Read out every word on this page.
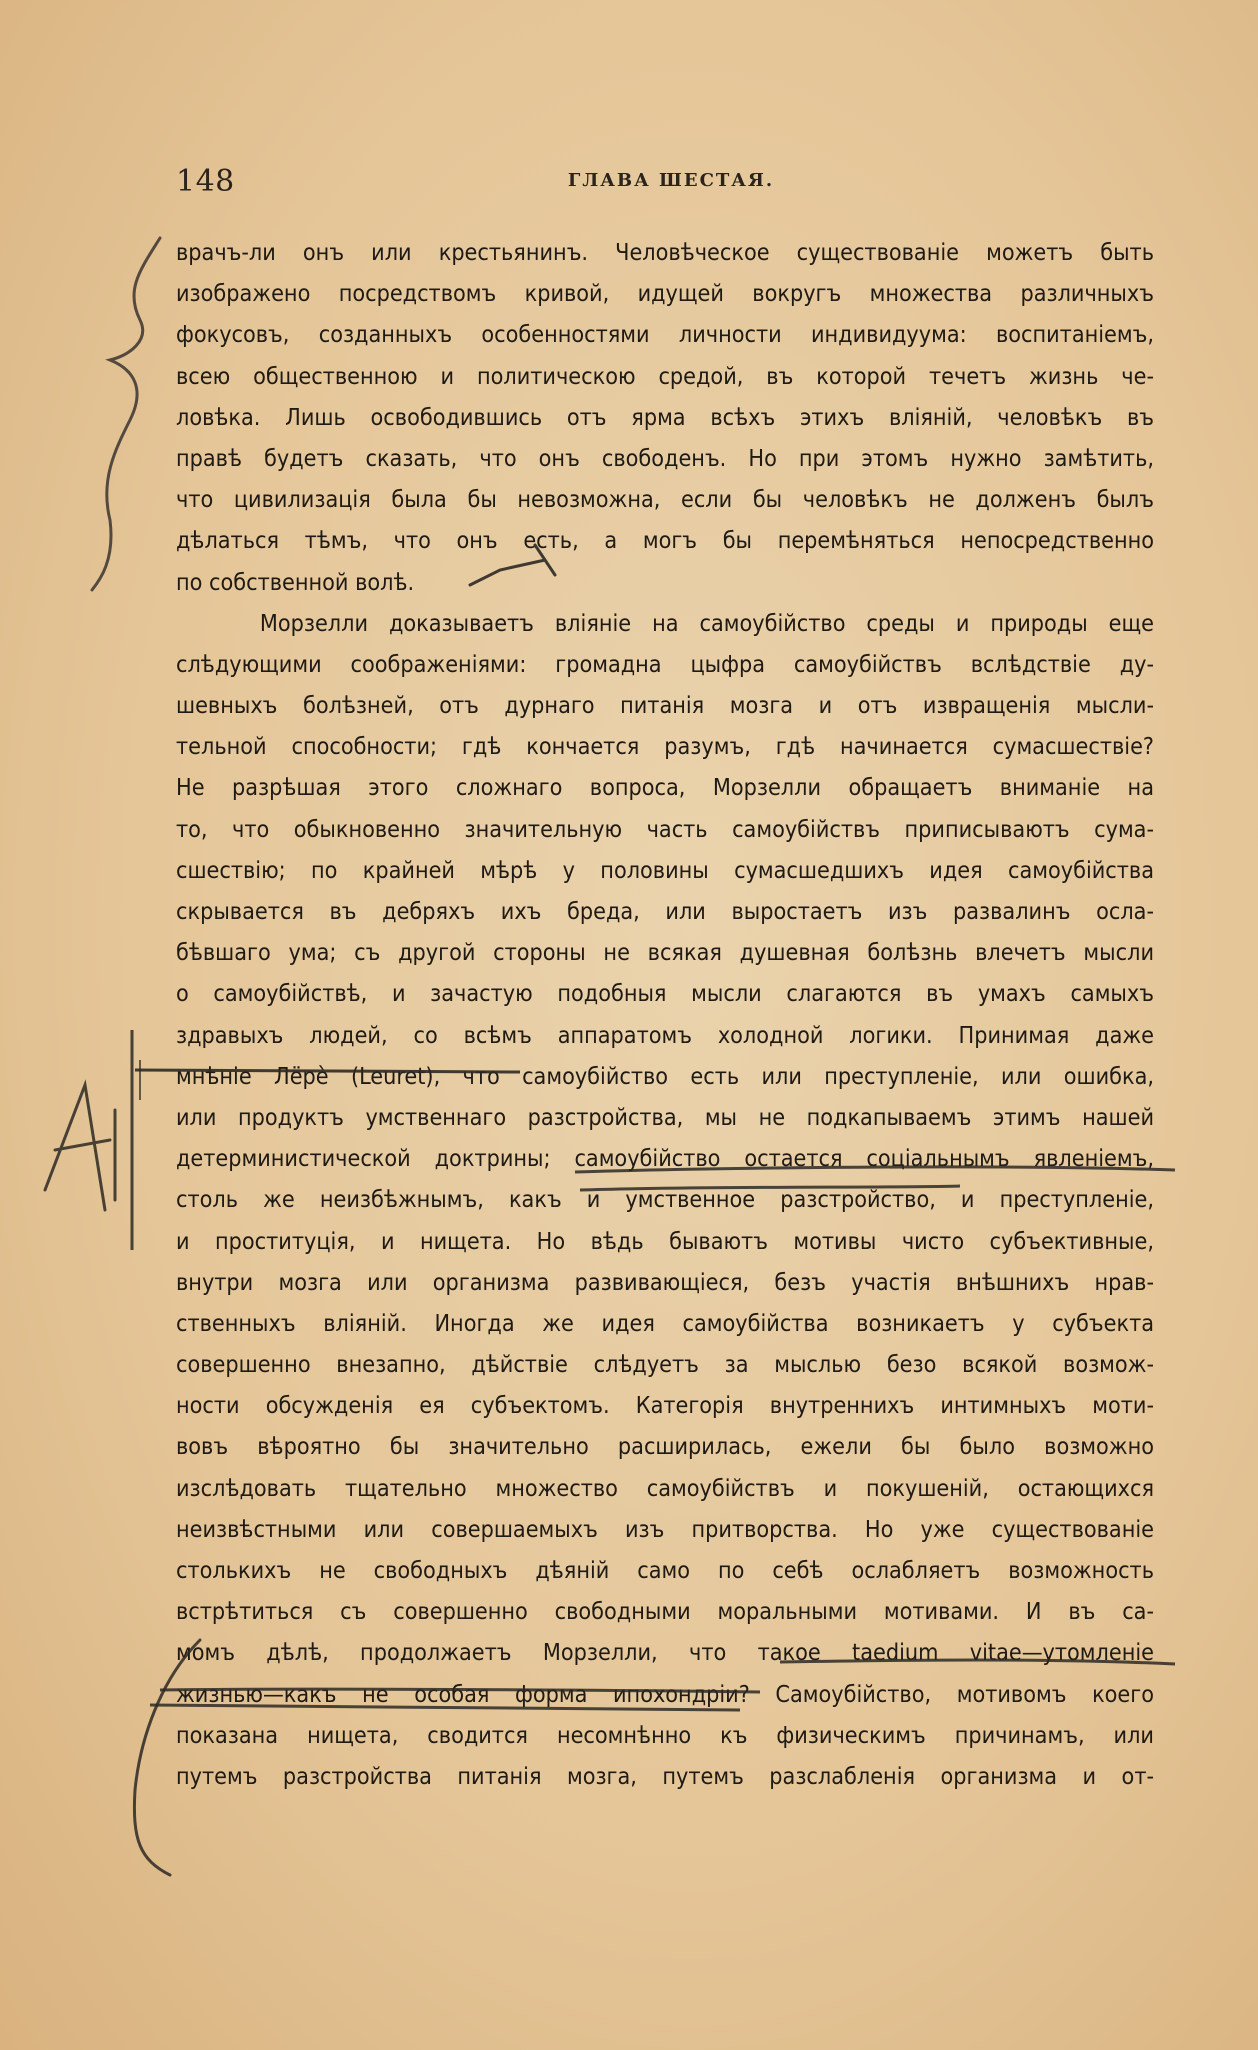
148	ГЛАВА ШЕСТАЯ.
врачъ-ли онъ или крестьянинъ. Человѣческое существованіе можетъ быть
изображено посредствомъ кривой, идущей вокругъ множества различныхъ
фокусовъ, созданныхъ особенностями личности индивидуума: воспитаніемъ,
всею общественною и политическою средой, въ которой течетъ жизнь че-
ловѣка. Лишь освободившись отъ ярма всѣхъ этихъ вліяній, человѣкъ въ
правѣ будетъ сказать, что онъ свободенъ. Но при этомъ нужно замѣтить,
что цивилизація была бы невозможна, если бы человѣкъ не долженъ былъ
дѣлаться тѣмъ, что онъ есть, а могъ бы перемѣняться непосредственно
по собственной волѣ.
Морзелли доказываетъ вліяніе на самоубійство среды и природы еще
слѣдующими соображеніями: громадна цыфра самоубійствъ вслѣдствіе ду-
шевныхъ болѣзней, отъ дурнаго питанія мозга и отъ извращенія мысли-
тельной способности; гдѣ кончается разумъ, гдѣ начинается сумасшествіе?
Не разрѣшая этого сложнаго вопроса, Морзелли обращаетъ вниманіе на
то, что обыкновенно значительную часть самоубійствъ приписываютъ сума-
сшествію; по крайней мѣрѣ у половины сумасшедшихъ идея самоубійства
скрывается въ дебряхъ ихъ бреда, или выростаетъ изъ развалинъ осла-
бѣвшаго ума; съ другой стороны не всякая душевная болѣзнь влечетъ мысли
о самоубійствѣ, и зачастую подобныя мысли слагаются въ умахъ самыхъ
здравыхъ людей, со всѣмъ аппаратомъ холодной логики. Принимая даже
мнѣніе Лёрè (Leuret), что самоубійство есть или преступленіе, или ошибка,
или продуктъ умственнаго разстройства, мы не подкапываемъ этимъ нашей
детерминистической доктрины; самоубійство остается соціальнымъ явленіемъ,
столь же неизбѣжнымъ, какъ и умственное разстройство, и преступленіе,
и проституція, и нищета. Но вѣдь бываютъ мотивы чисто субъективные,
внутри мозга или организма развивающіеся, безъ участія внѣшнихъ нрав-
ственныхъ вліяній. Иногда же идея самоубійства возникаетъ у субъекта
совершенно внезапно, дѣйствіе слѣдуетъ за мыслью безо всякой возмож-
ности обсужденія ея субъектомъ. Категорія внутреннихъ интимныхъ моти-
вовъ вѣроятно бы значительно расширилась, ежели бы было возможно
изслѣдовать тщательно множество самоубійствъ и покушеній, остающихся
неизвѣстными или совершаемыхъ изъ притворства. Но уже существованіе
столькихъ не свободныхъ дѣяній само по себѣ ослабляетъ возможность
встрѣтиться съ совершенно свободными моральными мотивами. И въ са-
момъ дѣлѣ, продолжаетъ Морзелли, что такое taedium vitae—утомленіе
жизнью—какъ не особая форма ипохондріи? Самоубійство, мотивомъ коего
показана нищета, сводится несомнѣнно къ физическимъ причинамъ, или
путемъ разстройства питанія мозга, путемъ разслабленія организма и от-
